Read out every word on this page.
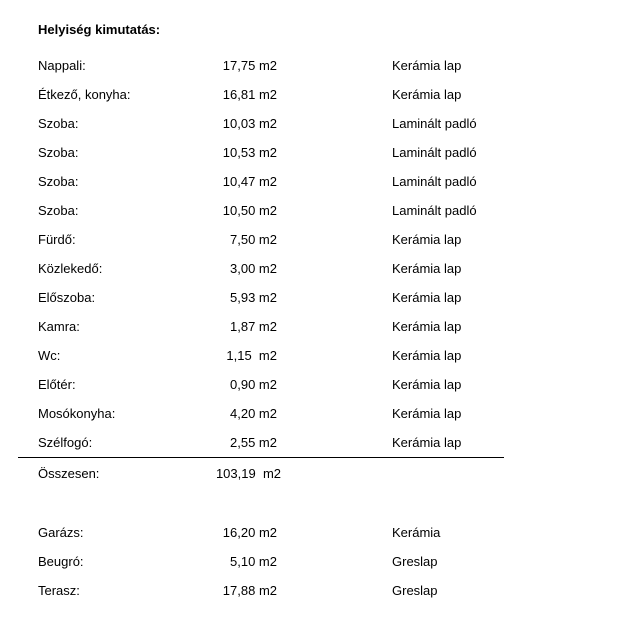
Helyiség kimutatás:
Nappali:	17,75 m2	Kerámia lap
Étkező, konyha:	16,81 m2	Kerámia lap
Szoba:	10,03 m2	Laminált padló
Szoba:	10,53 m2	Laminált padló
Szoba:	10,47 m2	Laminált padló
Szoba:	10,50 m2	Laminált padló
Fürdő:	7,50 m2	Kerámia lap
Közlekedő:	3,00 m2	Kerámia lap
Előszoba:	5,93 m2	Kerámia lap
Kamra:	1,87 m2	Kerámia lap
Wc:	1,15  m2	Kerámia lap
Előtér:	0,90 m2	Kerámia lap
Mosókonyha:	4,20 m2	Kerámia lap
Szélfogó:	2,55 m2	Kerámia lap
Összesen:	103,19  m2
Garázs:	16,20 m2	Kerámia
Beugró:	5,10 m2	Greslap
Terasz:	17,88 m2	Greslap
